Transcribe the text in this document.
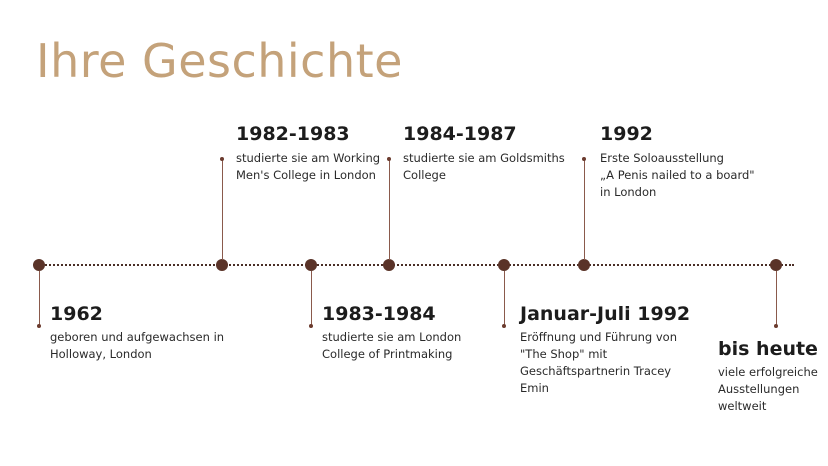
Ihre Geschichte
1962
geboren und aufgewachsen in
Holloway, London
1982-1983
studierte sie am Working
Men's College in London
1983-1984
studierte sie am London
College of Printmaking
1984-1987
studierte sie am Goldsmiths
College
Januar-Juli 1992
Eröffnung und Führung von
"The Shop" mit
Geschäftspartnerin Tracey
Emin
1992
Erste Soloausstellung
„A Penis nailed to a board"
in London
bis heute
viele erfolgreiche
Ausstellungen
weltweit
